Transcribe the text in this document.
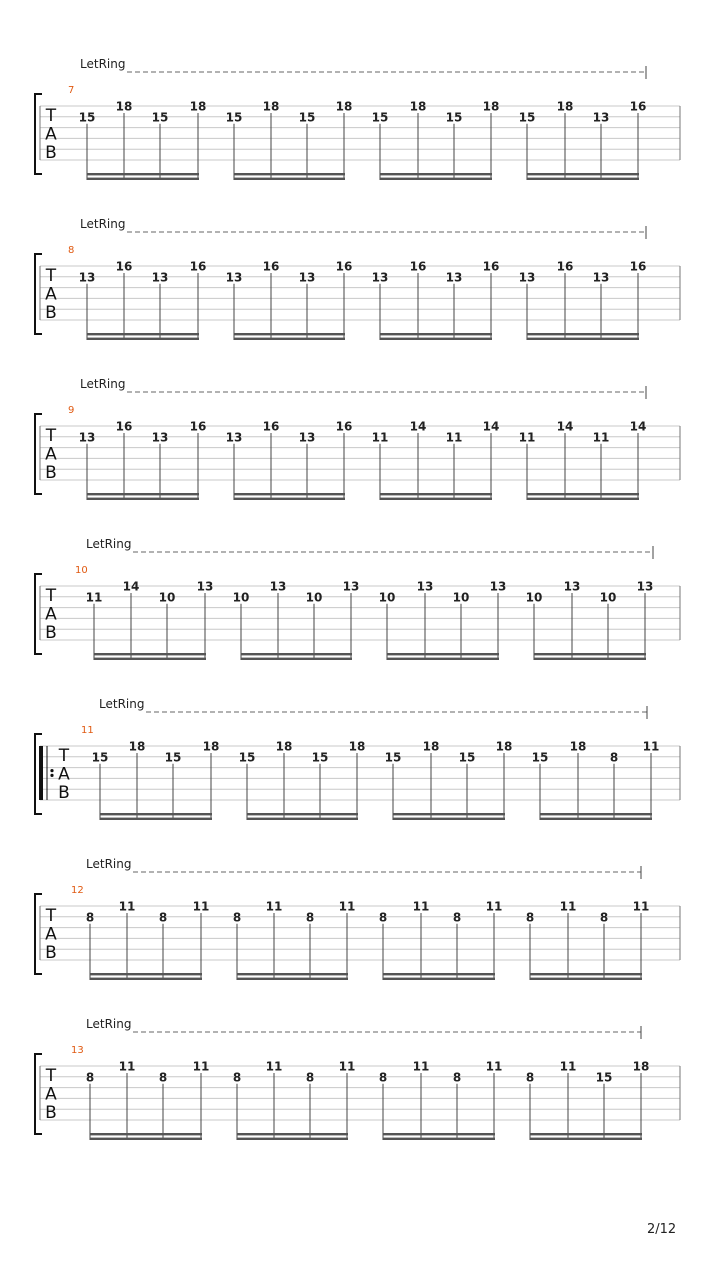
LetRing
7
T
A
B
15
18
15
18
15
18
15
18
15
18
15
18
15
18
13
16
LetRing
8
T
A
B
13
16
13
16
13
16
13
16
13
16
13
16
13
16
13
16
LetRing
9
T
A
B
13
16
13
16
13
16
13
16
11
14
11
14
11
14
11
14
LetRing
10
T
A
B
11
14
10
13
10
13
10
13
10
13
10
13
10
13
10
13
LetRing
11
T
A
B
15
18
15
18
15
18
15
18
15
18
15
18
15
18
8
11
LetRing
12
T
A
B
8
11
8
11
8
11
8
11
8
11
8
11
8
11
8
11
LetRing
13
T
A
B
8
11
8
11
8
11
8
11
8
11
8
11
8
11
15
18
2/12
